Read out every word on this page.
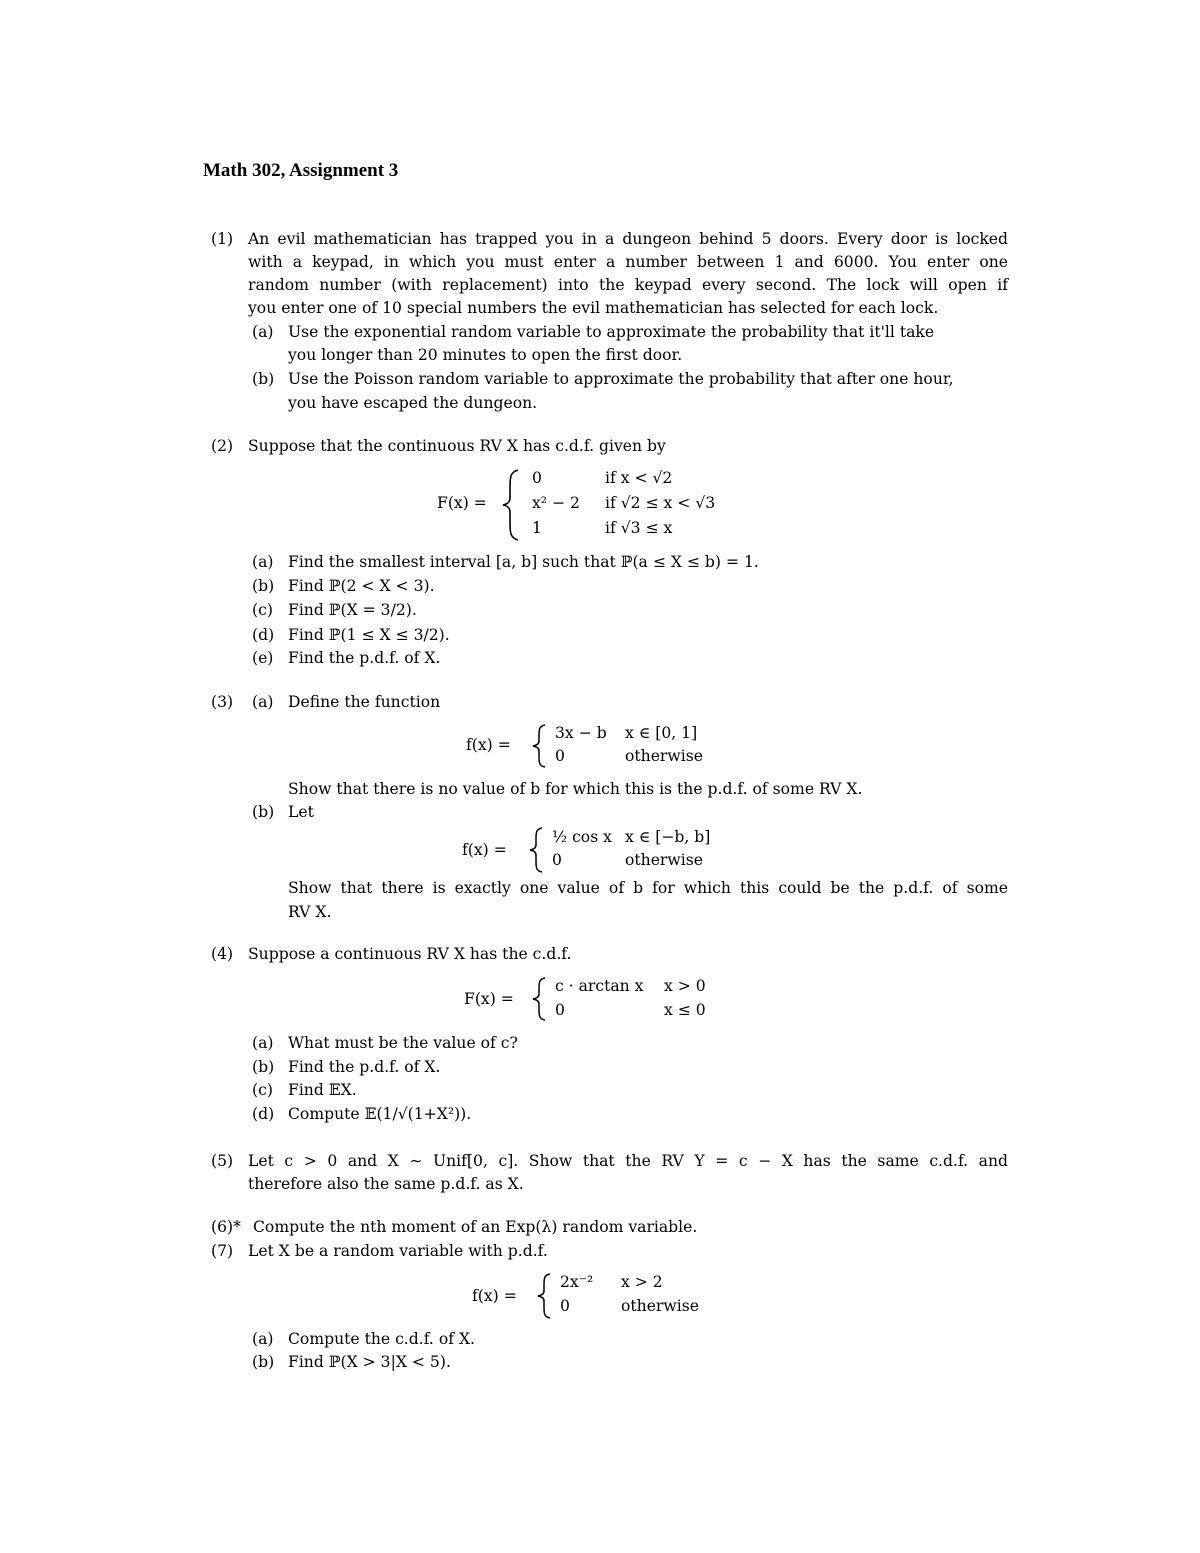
Math 302, Assignment 3
(1) An evil mathematician has trapped you in a dungeon behind 5 doors. Every door is locked
with a keypad, in which you must enter a number between 1 and 6000. You enter one
random number (with replacement) into the keypad every second. The lock will open if
you enter one of 10 special numbers the evil mathematician has selected for each lock.
(a) Use the exponential random variable to approximate the probability that it'll take
you longer than 20 minutes to open the first door.
(b) Use the Poisson random variable to approximate the probability that after one hour,
you have escaped the dungeon.
(2) Suppose that the continuous RV X has c.d.f. given by
F(x) =
0	if x < √2
x² − 2 if √2 ≤ x < √3
1	if √3 ≤ x
(a) Find the smallest interval [a, b] such that ℙ(a ≤ X ≤ b) = 1.
(b) Find ℙ(2 < X < 3).
(c) Find ℙ(X = 3/2).
(d) Find ℙ(1 ≤ X ≤ 3/2).
(e) Find the p.d.f. of X.
(3) (a) Define the function
f(x) =
3x − b x ∈ [0, 1]
0	otherwise
Show that there is no value of b for which this is the p.d.f. of some RV X.
(b) Let
f(x) =
½ cos x x ∈ [−b, b]
0	otherwise
Show that there is exactly one value of b for which this could be the p.d.f. of some
RV X.
(4) Suppose a continuous RV X has the c.d.f.
F(x) =
c · arctan x x > 0
0	x ≤ 0
(a) What must be the value of c?
(b) Find the p.d.f. of X.
(c) Find 𝔼X.
(d) Compute 𝔼(1/√(1+X²)).
(5) Let c > 0 and X ∼ Unif[0, c]. Show that the RV Y = c − X has the same c.d.f. and
therefore also the same p.d.f. as X.
(6)* Compute the nth moment of an Exp(λ) random variable.
(7) Let X be a random variable with p.d.f.
f(x) =
2x⁻² x > 2
0	otherwise
(a) Compute the c.d.f. of X.
(b) Find ℙ(X > 3|X < 5).
